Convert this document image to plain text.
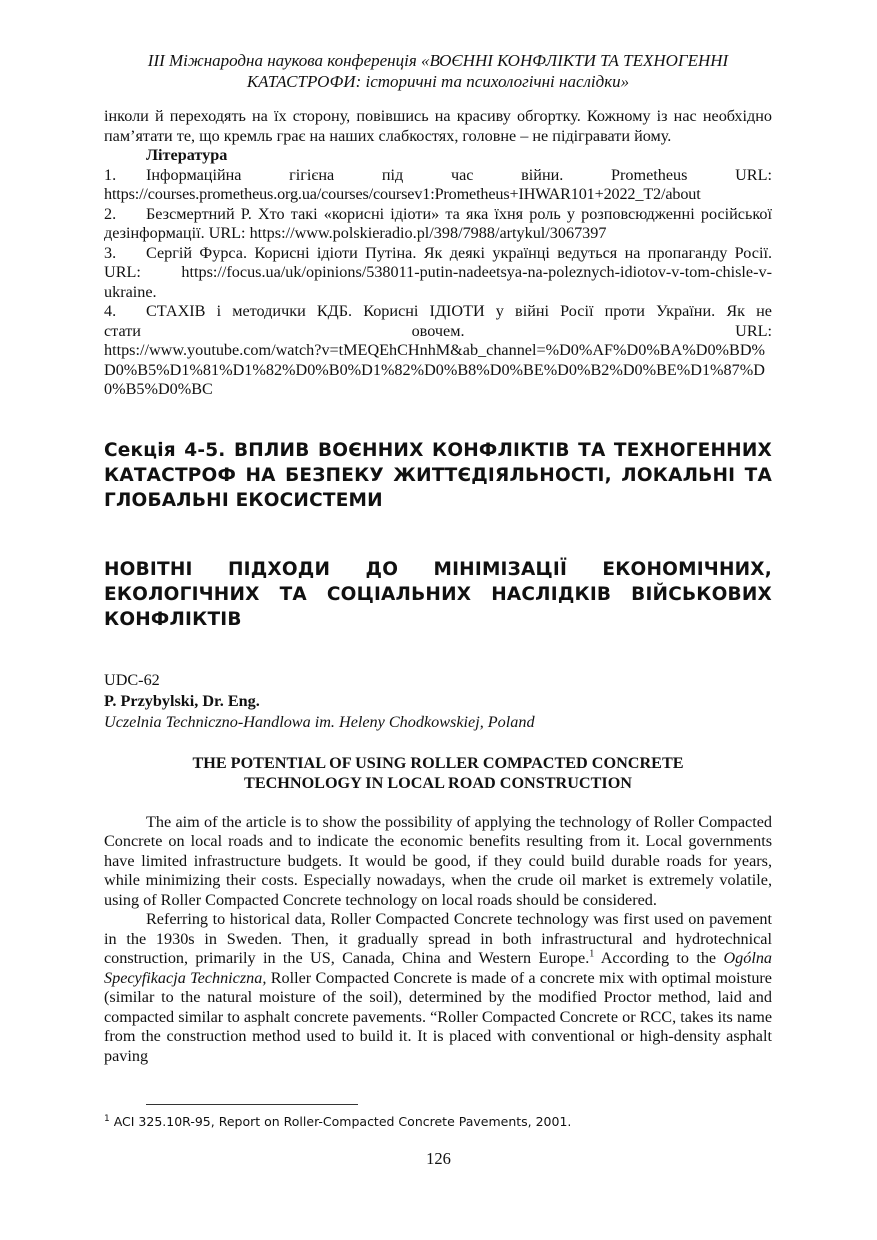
ІІІ Міжнародна наукова конференція «ВОЄННІ КОНФЛІКТИ ТА ТЕХНОГЕННІ
КАТАСТРОФИ: історичні та психологічні наслідки»

інколи й переходять на їх сторону, повівшись на красиву обгортку. Кожному із нас необхідно пам’ятати те, що кремль грає на наших слабкостях, головне – не підігравати йому.

Література
1. Інформаційна гігієна під час війни. Prometheus URL:
https://courses.prometheus.org.ua/courses/coursev1:Prometheus+IHWAR101+2022_T2/about
2. Безсмертний Р. Хто такі «корисні ідіоти» та яка їхня роль у розповсюдженні російської дезінформації. URL: https://www.polskieradio.pl/398/7988/artykul/3067397
3. Сергій Фурса. Корисні ідіоти Путіна. Як деякі українці ведуться на пропаганду Росії. URL: https://focus.ua/uk/opinions/538011-putin-nadeetsya-na-poleznych-idiotov-v-tom-chisle-v-ukraine.
4. СТАХІВ і методички КДБ. Корисні ІДІОТИ у війні Росії проти України. Як не
стати овочем. URL:
https://www.youtube.com/watch?v=tMEQEhCHnhM&ab_channel=%D0%AF%D0%BA%D0%BD%D0%B5%D1%81%D1%82%D0%B0%D1%82%D0%B8%D0%BE%D0%B2%D0%BE%D1%87%D0%B5%D0%BC
Секція 4-5. ВПЛИВ ВОЄННИХ КОНФЛІКТІВ ТА ТЕХНОГЕННИХ
КАТАСТРОФ НА БЕЗПЕКУ ЖИТТЄДІЯЛЬНОСТІ, ЛОКАЛЬНІ ТА
ГЛОБАЛЬНІ ЕКОСИСТЕМИ
НОВІТНІ ПІДХОДИ ДО МІНІМІЗАЦІЇ ЕКОНОМІЧНИХ,
ЕКОЛОГІЧНИХ ТА СОЦІАЛЬНИХ НАСЛІДКІВ ВІЙСЬКОВИХ
КОНФЛІКТІВ
UDC-62
P. Przybylski, Dr. Eng.
Uczelnia Techniczno-Handlowa im. Heleny Chodkowskiej, Poland
THE POTENTIAL OF USING ROLLER COMPACTED CONCRETE
TECHNOLOGY IN LOCAL ROAD CONSTRUCTION

The aim of the article is to show the possibility of applying the technology of Roller Compacted Concrete on local roads and to indicate the economic benefits resulting from it. Local governments have limited infrastructure budgets. It would be good, if they could build durable roads for years, while minimizing their costs. Especially nowadays, when the crude oil market is extremely volatile, using of Roller Compacted Concrete technology on local roads should be considered.

Referring to historical data, Roller Compacted Concrete technology was first used on pavement in the 1930s in Sweden. Then, it gradually spread in both infrastructural and hydrotechnical construction, primarily in the US, Canada, China and Western Europe.$^1$ According to the Ogólna Specyfikacja Techniczna, Roller Compacted Concrete is made of a concrete mix with optimal moisture (similar to the natural moisture of the soil), determined by the modified Proctor method, laid and compacted similar to asphalt concrete pavements. “Roller Compacted Concrete or RCC, takes its name from the construction method used to build it. It is placed with conventional or high-density asphalt paving

$^1$ ACI 325.10R-95, Report on Roller-Compacted Concrete Pavements, 2001.
126
